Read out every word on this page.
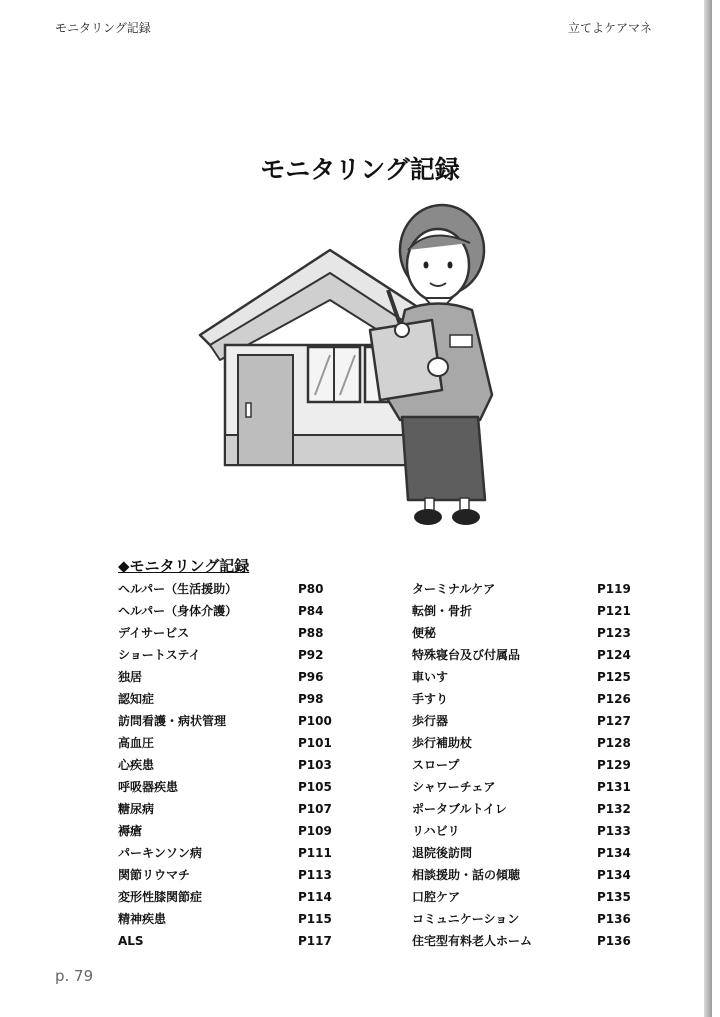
モニタリング記録	立てよケアマネ
モニタリング記録
◆モニタリング記録
ヘルパー（生活援助）	P80
ヘルパー（身体介護）	P84
デイサービス	P88
ショートステイ	P92
独居	P96
認知症	P98
訪問看護・病状管理	P100
高血圧	P101
心疾患	P103
呼吸器疾患	P105
糖尿病	P107
褥瘡	P109
パーキンソン病	P111
関節リウマチ	P113
変形性膝関節症	P114
精神疾患	P115
ALS	P117
ターミナルケア	P119
転倒・骨折	P121
便秘	P123
特殊寝台及び付属品	P124
車いす	P125
手すり	P126
歩行器	P127
歩行補助杖	P128
スロープ	P129
シャワーチェア	P131
ポータブルトイレ	P132
リハビリ	P133
退院後訪問	P134
相談援助・話の傾聴	P134
口腔ケア	P135
コミュニケーション	P136
住宅型有料老人ホーム	P136
p. 79
